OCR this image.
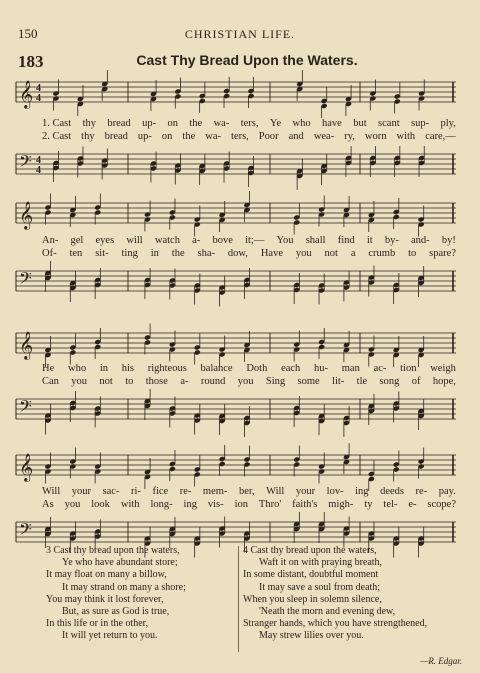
150	CHRISTIAN LIFE.
183	Cast Thy Bread Upon the Waters.
𝄞 4
4
1. Cast thy bread up- on the wa- ters, Ye who have but scant sup- ply,
2. Cast thy bread up- on the wa- ters, Poor and wea- ry, worn with care,—
𝄢 4
4
𝄞
An- gel eyes will watch a- bove it;— You shall find it by- and- by!
Of- ten sit- ting in the sha- dow, Have you not a crumb to spare?
𝄢
𝄞
He who in his righteous balance Doth each hu- man ac- tion weigh
Can you not to those a- round you Sing some lit- tle song of hope,
𝄢
𝄞
Will your sac- ri- fice re- mem- ber, Will your lov- ing deeds re- pay.
As you look with long- ing vis- ion Thro' faith's migh- ty tel- e- scope?
𝄢
3 Cast thy bread upon the waters,
Ye who have abundant store;
It may float on many a billow,
It may strand on many a shore;
You may think it lost forever,
But, as sure as God is true,
In this life or in the other,
It will yet return to you.
4 Cast thy bread upon the waters,
Waft it on with praying breath,
In some distant, doubtful moment
It may save a soul from death;
When you sleep in solemn silence,
'Neath the morn and evening dew,
Stranger hands, which you have strengthened,
May strew lilies over you.
—R. Edgar.
